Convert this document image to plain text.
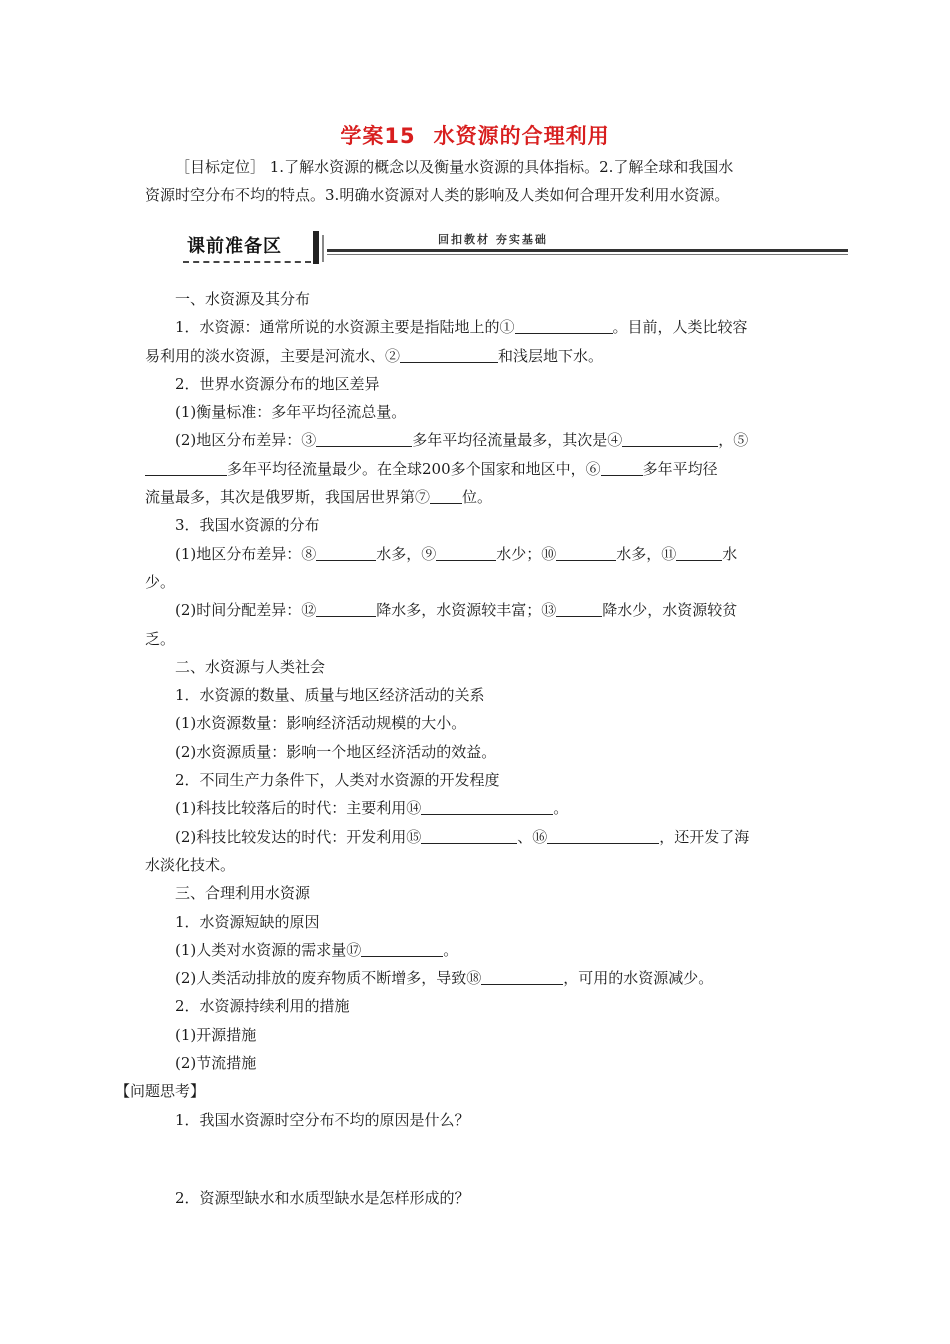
学案15 水资源的合理利用
［目标定位］ 1.了解水资源的概念以及衡量水资源的具体指标。2.了解全球和我国水
资源时空分布不均的特点。3.明确水资源对人类的影响及人类如何合理开发利用水资源。
课前准备区	回扣教材 夯实基础
一、水资源及其分布
1．水资源：通常所说的水资源主要是指陆地上的①	。目前，人类比较容
易利用的淡水资源，主要是河流水、②	和浅层地下水。
2．世界水资源分布的地区差异
(1)衡量标准：多年平均径流总量。
(2)地区分布差异：③	多年平均径流量最多，其次是④	，⑤
多年平均径流量最少。在全球200多个国家和地区中，⑥	多年平均径
流量最多，其次是俄罗斯，我国居世界第⑦ 位。
3．我国水资源的分布
(1)地区分布差异：⑧	水多，⑨	水少；⑩	水多，⑪	水
少。
(2)时间分配差异：⑫	降水多，水资源较丰富；⑬	降水少，水资源较贫
乏。
二、水资源与人类社会
1．水资源的数量、质量与地区经济活动的关系
(1)水资源数量：影响经济活动规模的大小。
(2)水资源质量：影响一个地区经济活动的效益。
2．不同生产力条件下，人类对水资源的开发程度
(1)科技比较落后的时代：主要利用⑭	。
(2)科技比较发达的时代：开发利用⑮	、⑯	，还开发了海
水淡化技术。
三、合理利用水资源
1．水资源短缺的原因
(1)人类对水资源的需求量⑰	。
(2)人类活动排放的废弃物质不断增多，导致⑱	，可用的水资源减少。
2．水资源持续利用的措施
(1)开源措施
(2)节流措施
【问题思考】
1．我国水资源时空分布不均的原因是什么？
2．资源型缺水和水质型缺水是怎样形成的？
